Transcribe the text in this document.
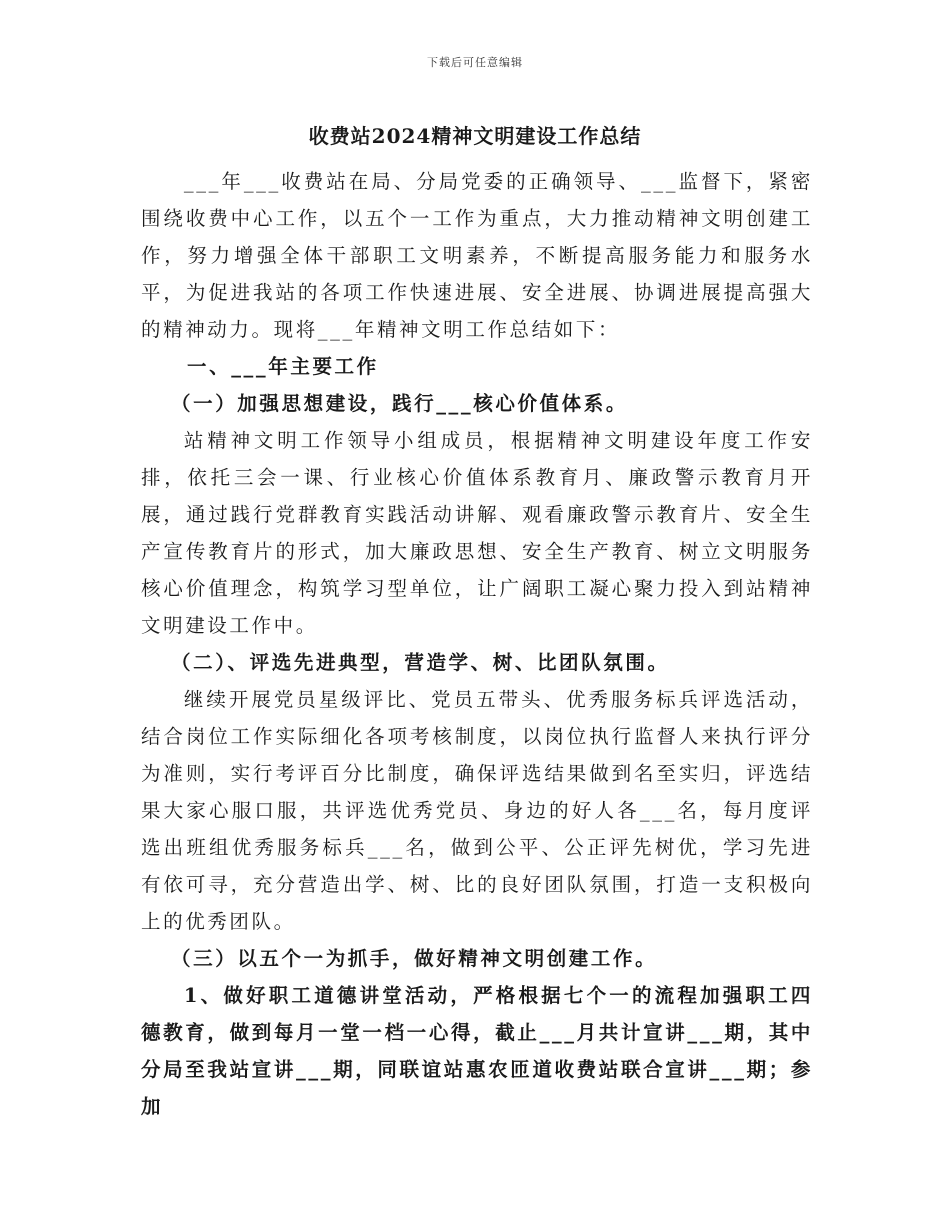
下载后可任意编辑
收费站2024精神文明建设工作总结

___年___收费站在局、分局党委的正确领导、___监督下，紧密围绕收费中心工作，以五个一工作为重点，大力推动精神文明创建工作，努力增强全体干部职工文明素养，不断提高服务能力和服务水平，为促进我站的各项工作快速进展、安全进展、协调进展提高强大的精神动力。现将___年精神文明工作总结如下：

一、___年主要工作

（一）加强思想建设，践行___核心价值体系。

站精神文明工作领导小组成员，根据精神文明建设年度工作安排，依托三会一课、行业核心价值体系教育月、廉政警示教育月开展，通过践行党群教育实践活动讲解、观看廉政警示教育片、安全生产宣传教育片的形式，加大廉政思想、安全生产教育、树立文明服务核心价值理念，构筑学习型单位，让广阔职工凝心聚力投入到站精神文明建设工作中。

（二）、评选先进典型，营造学、树、比团队氛围。

继续开展党员星级评比、党员五带头、优秀服务标兵评选活动，结合岗位工作实际细化各项考核制度，以岗位执行监督人来执行评分为准则，实行考评百分比制度，确保评选结果做到名至实归，评选结果大家心服口服，共评选优秀党员、身边的好人各___名，每月度评选出班组优秀服务标兵___名，做到公平、公正评先树优，学习先进有依可寻，充分营造出学、树、比的良好团队氛围，打造一支积极向上的优秀团队。

（三）以五个一为抓手，做好精神文明创建工作。

1、做好职工道德讲堂活动，严格根据七个一的流程加强职工四德教育，做到每月一堂一档一心得，截止___月共计宣讲___期，其中分局至我站宣讲___期，同联谊站惠农匝道收费站联合宣讲___期；参加
